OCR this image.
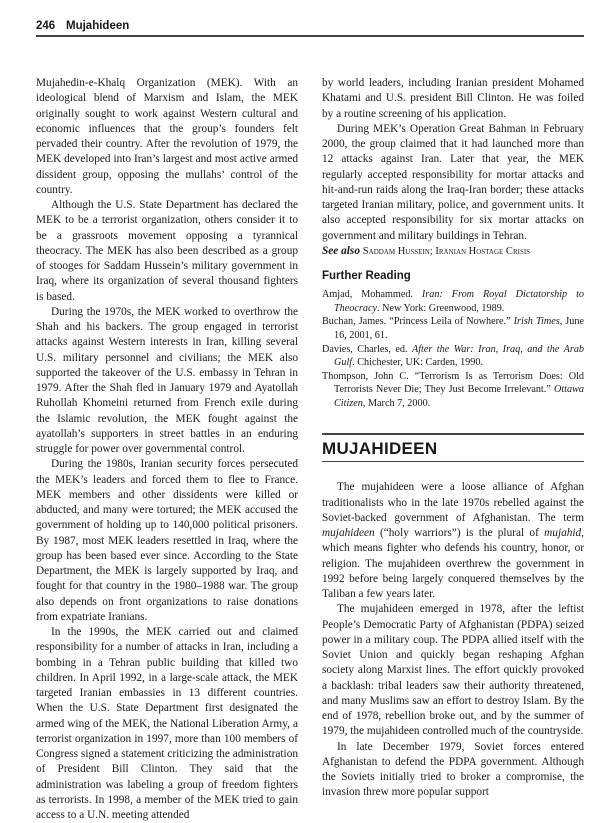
246 Mujahideen

Mujahedin-e-Khalq Organization (MEK). With an ideological blend of Marxism and Islam, the MEK originally sought to work against Western cultural and economic influences that the group’s founders felt pervaded their country. After the revolution of 1979, the MEK developed into Iran’s largest and most active armed dissident group, opposing the mullahs’ control of the country.

Although the U.S. State Department has declared the MEK to be a terrorist organization, others consider it to be a grassroots movement opposing a tyrannical theocracy. The MEK has also been described as a group of stooges for Saddam Hussein’s military government in Iraq, where its organization of several thousand fighters is based.

During the 1970s, the MEK worked to overthrow the Shah and his backers. The group engaged in terrorist attacks against Western interests in Iran, killing several U.S. military personnel and civilians; the MEK also supported the takeover of the U.S. embassy in Tehran in 1979. After the Shah fled in January 1979 and Ayatollah Ruhollah Khomeini returned from French exile during the Islamic revolution, the MEK fought against the ayatollah’s supporters in street battles in an enduring struggle for power over governmental control.

During the 1980s, Iranian security forces persecuted the MEK’s leaders and forced them to flee to France. MEK members and other dissidents were killed or abducted, and many were tortured; the MEK accused the government of holding up to 140,000 political prisoners. By 1987, most MEK leaders resettled in Iraq, where the group has been based ever since. According to the State Department, the MEK is largely supported by Iraq, and fought for that country in the 1980–1988 war. The group also depends on front organizations to raise donations from expatriate Iranians.

In the 1990s, the MEK carried out and claimed responsibility for a number of attacks in Iran, including a bombing in a Tehran public building that killed two children. In April 1992, in a large-scale attack, the MEK targeted Iranian embassies in 13 different countries. When the U.S. State Department first designated the armed wing of the MEK, the National Liberation Army, a terrorist organization in 1997, more than 100 members of Congress signed a statement criticizing the administration of President Bill Clinton. They said that the administration was labeling a group of freedom fighters as terrorists. In 1998, a member of the MEK tried to gain access to a U.N. meeting attended

by world leaders, including Iranian president Mohamed Khatami and U.S. president Bill Clinton. He was foiled by a routine screening of his application.

During MEK’s Operation Great Bahman in February 2000, the group claimed that it had launched more than 12 attacks against Iran. Later that year, the MEK regularly accepted responsibility for mortar attacks and hit-and-run raids along the Iraq-Iran border; these attacks targeted Iranian military, police, and government units. It also accepted responsibility for six mortar attacks on government and military buildings in Tehran.

See also Saddam Hussein; Iranian Hostage Crisis

Further Reading

Amjad, Mohammed. Iran: From Royal Dictatorship to Theocracy. New York: Greenwood, 1989.

Buchan, James. “Princess Leila of Nowhere.” Irish Times, June 16, 2001, 61.

Davies, Charles, ed. After the War: Iran, Iraq, and the Arab Gulf. Chichester, UK: Carden, 1990.

Thompson, John C. “Terrorism Is as Terrorism Does: Old Terrorists Never Die; They Just Become Irrelevant.” Ottawa Citizen, March 7, 2000.

MUJAHIDEEN

The mujahideen were a loose alliance of Afghan traditionalists who in the late 1970s rebelled against the Soviet-backed government of Afghanistan. The term mujahideen (“holy warriors”) is the plural of mujahid, which means fighter who defends his country, honor, or religion. The mujahideen overthrew the government in 1992 before being largely conquered themselves by the Taliban a few years later.

The mujahideen emerged in 1978, after the leftist People’s Democratic Party of Afghanistan (PDPA) seized power in a military coup. The PDPA allied itself with the Soviet Union and quickly began reshaping Afghan society along Marxist lines. The effort quickly provoked a backlash: tribal leaders saw their authority threatened, and many Muslims saw an effort to destroy Islam. By the end of 1978, rebellion broke out, and by the summer of 1979, the mujahideen controlled much of the countryside.

In late December 1979, Soviet forces entered Afghanistan to defend the PDPA government. Although the Soviets initially tried to broker a compromise, the invasion threw more popular support
